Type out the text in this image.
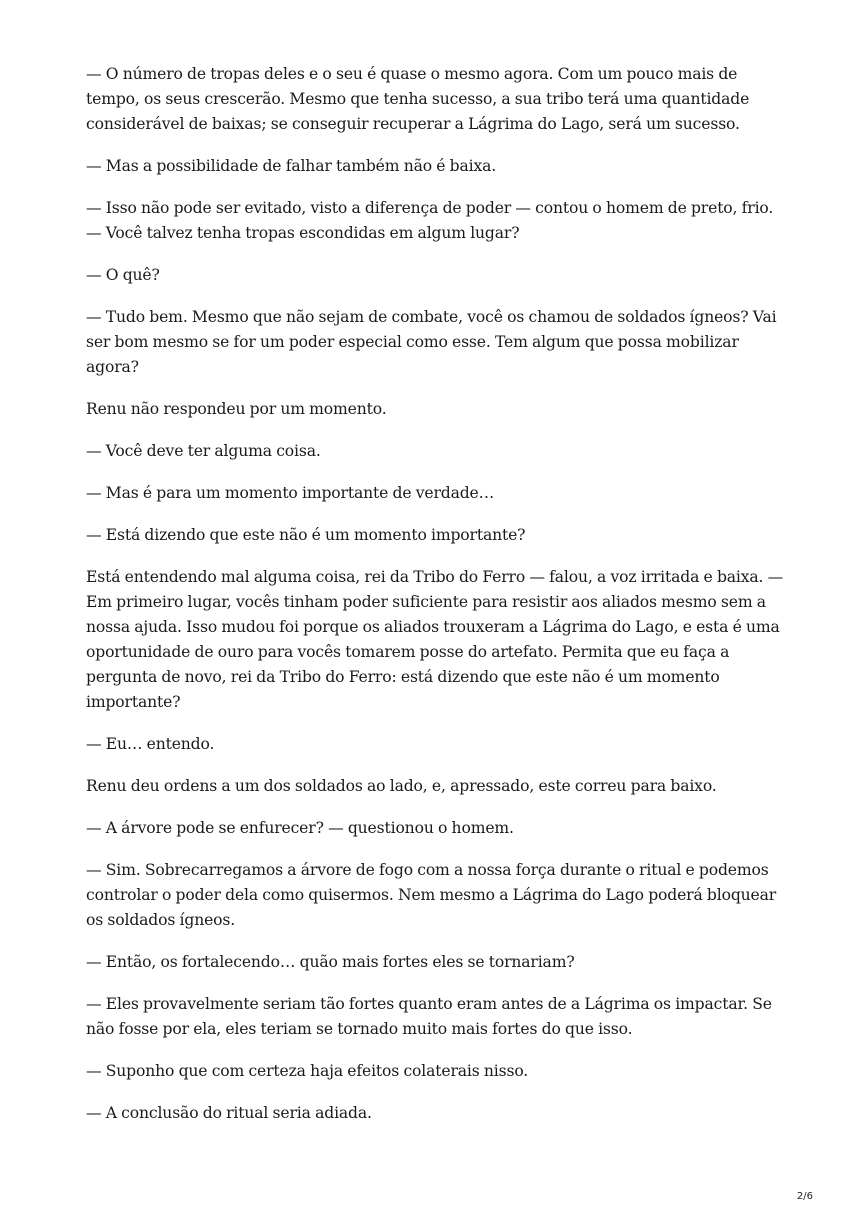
— O número de tropas deles e o seu é quase o mesmo agora. Com um pouco mais de tempo, os seus crescerão. Mesmo que tenha sucesso, a sua tribo terá uma quantidade considerável de baixas; se conseguir recuperar a Lágrima do Lago, será um sucesso.

— Mas a possibilidade de falhar também não é baixa.

— Isso não pode ser evitado, visto a diferença de poder — contou o homem de preto, frio. — Você talvez tenha tropas escondidas em algum lugar?

— O quê?

— Tudo bem. Mesmo que não sejam de combate, você os chamou de soldados ígneos? Vai ser bom mesmo se for um poder especial como esse. Tem algum que possa mobilizar agora?

Renu não respondeu por um momento.

— Você deve ter alguma coisa.

— Mas é para um momento importante de verdade…

— Está dizendo que este não é um momento importante?

Está entendendo mal alguma coisa, rei da Tribo do Ferro — falou, a voz irritada e baixa. — Em primeiro lugar, vocês tinham poder suficiente para resistir aos aliados mesmo sem a nossa ajuda. Isso mudou foi porque os aliados trouxeram a Lágrima do Lago, e esta é uma oportunidade de ouro para vocês tomarem posse do artefato. Permita que eu faça a pergunta de novo, rei da Tribo do Ferro: está dizendo que este não é um momento importante?

— Eu… entendo.

Renu deu ordens a um dos soldados ao lado, e, apressado, este correu para baixo.

— A árvore pode se enfurecer? — questionou o homem.

— Sim. Sobrecarregamos a árvore de fogo com a nossa força durante o ritual e podemos controlar o poder dela como quisermos. Nem mesmo a Lágrima do Lago poderá bloquear os soldados ígneos.

— Então, os fortalecendo… quão mais fortes eles se tornariam?

— Eles provavelmente seriam tão fortes quanto eram antes de a Lágrima os impactar. Se não fosse por ela, eles teriam se tornado muito mais fortes do que isso.

— Suponho que com certeza haja efeitos colaterais nisso.

— A conclusão do ritual seria adiada.

2/6
